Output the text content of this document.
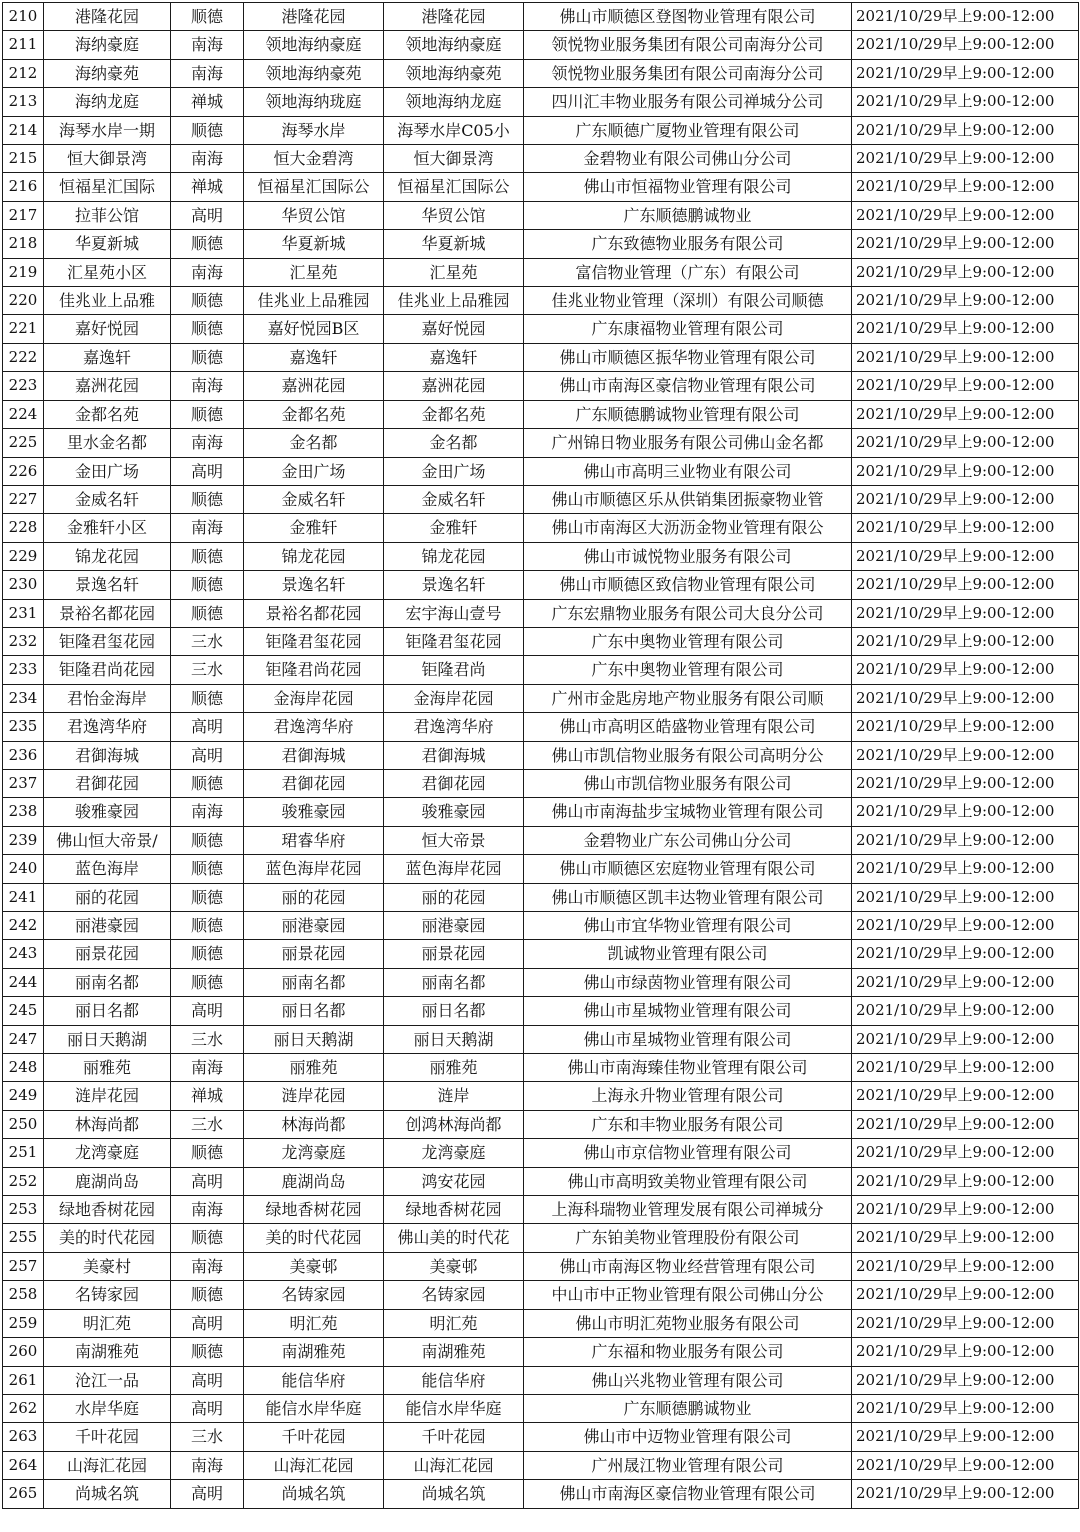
210	港隆花园	顺德	港隆花园	港隆花园	佛山市顺德区登图物业管理有限公司	2021/10/29早上9:00-12:00
211	海纳豪庭	南海	领地海纳豪庭	领地海纳豪庭	领悦物业服务集团有限公司南海分公司	2021/10/29早上9:00-12:00
212	海纳豪苑	南海	领地海纳豪苑	领地海纳豪苑	领悦物业服务集团有限公司南海分公司	2021/10/29早上9:00-12:00
213	海纳龙庭	禅城	领地海纳珑庭	领地海纳龙庭	四川汇丰物业服务有限公司禅城分公司	2021/10/29早上9:00-12:00
214	海琴水岸一期	顺德	海琴水岸	海琴水岸C05小	广东顺德广厦物业管理有限公司	2021/10/29早上9:00-12:00
215	恒大御景湾	南海	恒大金碧湾	恒大御景湾	金碧物业有限公司佛山分公司	2021/10/29早上9:00-12:00
216	恒福星汇国际	禅城	恒福星汇国际公	恒福星汇国际公	佛山市恒福物业管理有限公司	2021/10/29早上9:00-12:00
217	拉菲公馆	高明	华贸公馆	华贸公馆	广东顺德鹏诚物业	2021/10/29早上9:00-12:00
218	华夏新城	顺德	华夏新城	华夏新城	广东致德物业服务有限公司	2021/10/29早上9:00-12:00
219	汇星苑小区	南海	汇星苑	汇星苑	富信物业管理（广东）有限公司	2021/10/29早上9:00-12:00
220	佳兆业上品雅	顺德	佳兆业上品雅园	佳兆业上品雅园	佳兆业物业管理（深圳）有限公司顺德	2021/10/29早上9:00-12:00
221	嘉好悦园	顺德	嘉好悦园B区	嘉好悦园	广东康福物业管理有限公司	2021/10/29早上9:00-12:00
222	嘉逸轩	顺德	嘉逸轩	嘉逸轩	佛山市顺德区振华物业管理有限公司	2021/10/29早上9:00-12:00
223	嘉洲花园	南海	嘉洲花园	嘉洲花园	佛山市南海区豪信物业管理有限公司	2021/10/29早上9:00-12:00
224	金都名苑	顺德	金都名苑	金都名苑	广东顺德鹏诚物业管理有限公司	2021/10/29早上9:00-12:00
225	里水金名都	南海	金名都	金名都	广州锦日物业服务有限公司佛山金名都	2021/10/29早上9:00-12:00
226	金田广场	高明	金田广场	金田广场	佛山市高明三业物业有限公司	2021/10/29早上9:00-12:00
227	金威名轩	顺德	金威名轩	金威名轩	佛山市顺德区乐从供销集团振豪物业管	2021/10/29早上9:00-12:00
228	金雅轩小区	南海	金雅轩	金雅轩	佛山市南海区大沥沥金物业管理有限公	2021/10/29早上9:00-12:00
229	锦龙花园	顺德	锦龙花园	锦龙花园	佛山市诚悦物业服务有限公司	2021/10/29早上9:00-12:00
230	景逸名轩	顺德	景逸名轩	景逸名轩	佛山市顺德区致信物业管理有限公司	2021/10/29早上9:00-12:00
231	景裕名都花园	顺德	景裕名都花园	宏宇海山壹号	广东宏鼎物业服务有限公司大良分公司	2021/10/29早上9:00-12:00
232	钜隆君玺花园	三水	钜隆君玺花园	钜隆君玺花园	广东中奥物业管理有限公司	2021/10/29早上9:00-12:00
233	钜隆君尚花园	三水	钜隆君尚花园	钜隆君尚	广东中奥物业管理有限公司	2021/10/29早上9:00-12:00
234	君怡金海岸	顺德	金海岸花园	金海岸花园	广州市金匙房地产物业服务有限公司顺	2021/10/29早上9:00-12:00
235	君逸湾华府	高明	君逸湾华府	君逸湾华府	佛山市高明区皓盛物业管理有限公司	2021/10/29早上9:00-12:00
236	君御海城	高明	君御海城	君御海城	佛山市凯信物业服务有限公司高明分公	2021/10/29早上9:00-12:00
237	君御花园	顺德	君御花园	君御花园	佛山市凯信物业服务有限公司	2021/10/29早上9:00-12:00
238	骏雅豪园	南海	骏雅豪园	骏雅豪园	佛山市南海盐步宝城物业管理有限公司	2021/10/29早上9:00-12:00
239	佛山恒大帝景/	顺德	珺睿华府	恒大帝景	金碧物业广东公司佛山分公司	2021/10/29早上9:00-12:00
240	蓝色海岸	顺德	蓝色海岸花园	蓝色海岸花园	佛山市顺德区宏庭物业管理有限公司	2021/10/29早上9:00-12:00
241	丽的花园	顺德	丽的花园	丽的花园	佛山市顺德区凯丰达物业管理有限公司	2021/10/29早上9:00-12:00
242	丽港豪园	顺德	丽港豪园	丽港豪园	佛山市宜华物业管理有限公司	2021/10/29早上9:00-12:00
243	丽景花园	顺德	丽景花园	丽景花园	凯诚物业管理有限公司	2021/10/29早上9:00-12:00
244	丽南名都	顺德	丽南名都	丽南名都	佛山市绿茵物业管理有限公司	2021/10/29早上9:00-12:00
245	丽日名都	高明	丽日名都	丽日名都	佛山市星城物业管理有限公司	2021/10/29早上9:00-12:00
247	丽日天鹅湖	三水	丽日天鹅湖	丽日天鹅湖	佛山市星城物业管理有限公司	2021/10/29早上9:00-12:00
248	丽雅苑	南海	丽雅苑	丽雅苑	佛山市南海臻佳物业管理有限公司	2021/10/29早上9:00-12:00
249	涟岸花园	禅城	涟岸花园	涟岸	上海永升物业管理有限公司	2021/10/29早上9:00-12:00
250	林海尚都	三水	林海尚都	创鸿林海尚都	广东和丰物业服务有限公司	2021/10/29早上9:00-12:00
251	龙湾豪庭	顺德	龙湾豪庭	龙湾豪庭	佛山市京信物业管理有限公司	2021/10/29早上9:00-12:00
252	鹿湖尚岛	高明	鹿湖尚岛	鸿安花园	佛山市高明致美物业管理有限公司	2021/10/29早上9:00-12:00
253	绿地香树花园	南海	绿地香树花园	绿地香树花园	上海科瑞物业管理发展有限公司禅城分	2021/10/29早上9:00-12:00
255	美的时代花园	顺德	美的时代花园	佛山美的时代花	广东铂美物业管理股份有限公司	2021/10/29早上9:00-12:00
257	美豪村	南海	美豪邨	美豪邨	佛山市南海区物业经营管理有限公司	2021/10/29早上9:00-12:00
258	名铸家园	顺德	名铸家园	名铸家园	中山市中正物业管理有限公司佛山分公	2021/10/29早上9:00-12:00
259	明汇苑	高明	明汇苑	明汇苑	佛山市明汇苑物业服务有限公司	2021/10/29早上9:00-12:00
260	南湖雅苑	顺德	南湖雅苑	南湖雅苑	广东福和物业服务有限公司	2021/10/29早上9:00-12:00
261	沧江一品	高明	能信华府	能信华府	佛山兴兆物业管理有限公司	2021/10/29早上9:00-12:00
262	水岸华庭	高明	能信水岸华庭	能信水岸华庭	广东顺德鹏诚物业	2021/10/29早上9:00-12:00
263	千叶花园	三水	千叶花园	千叶花园	佛山市中迈物业管理有限公司	2021/10/29早上9:00-12:00
264	山海汇花园	南海	山海汇花园	山海汇花园	广州晟江物业管理有限公司	2021/10/29早上9:00-12:00
265	尚城名筑	高明	尚城名筑	尚城名筑	佛山市南海区豪信物业管理有限公司	2021/10/29早上9:00-12:00
